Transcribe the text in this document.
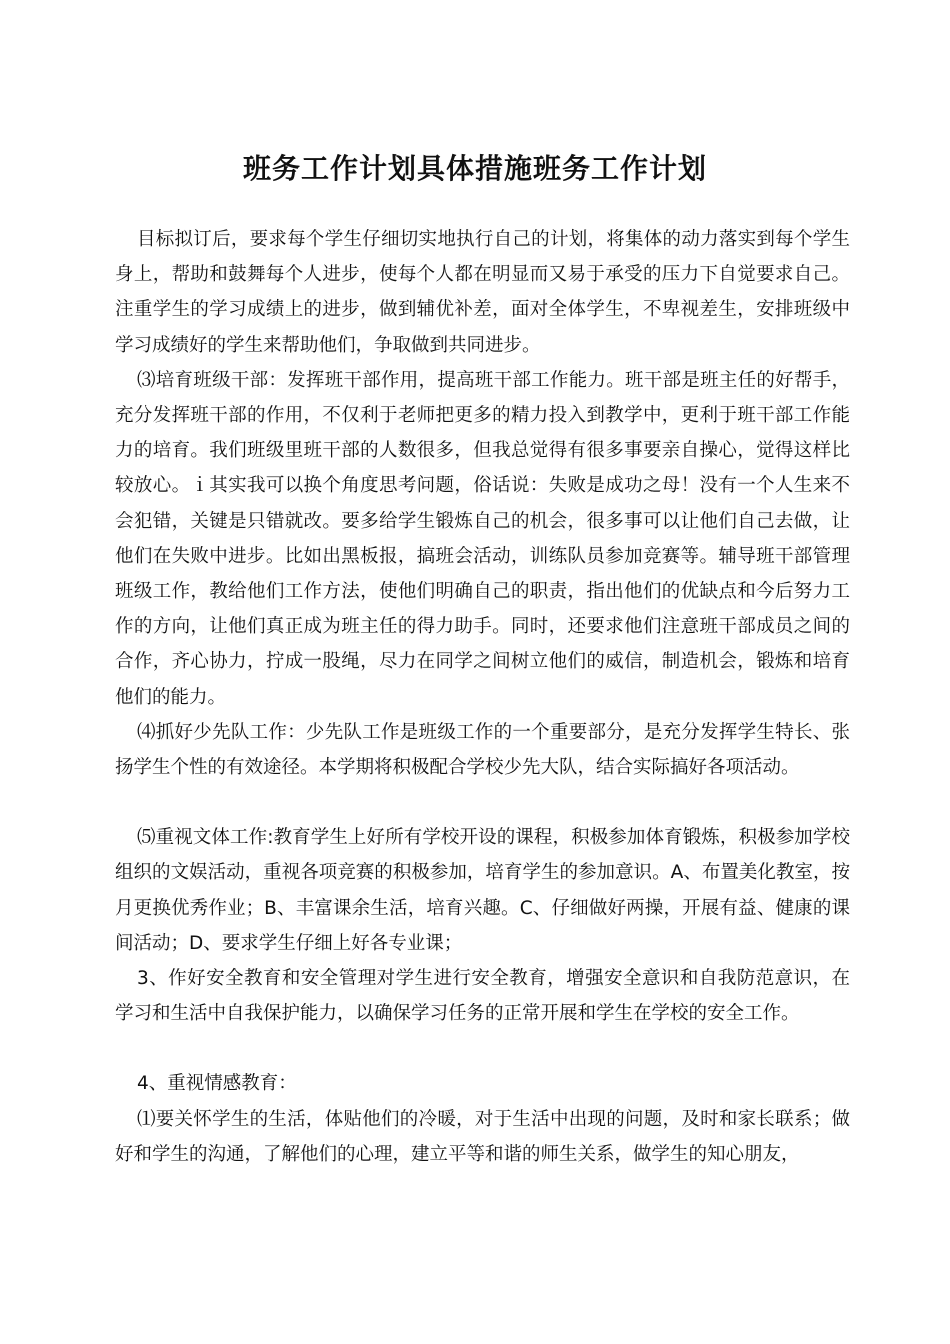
班务工作计划具体措施班务工作计划

目标拟订后，要求每个学生仔细切实地执行自己的计划，将集体的动力落实到每个学生身上，帮助和鼓舞每个人进步，使每个人都在明显而又易于承受的压力下自觉要求自己。注重学生的学习成绩上的进步，做到辅优补差，面对全体学生，不卑视差生，安排班级中学习成绩好的学生来帮助他们，争取做到共同进步。

⑶培育班级干部：发挥班干部作用，提高班干部工作能力。班干部是班主任的好帮手，充分发挥班干部的作用，不仅利于老师把更多的精力投入到教学中，更利于班干部工作能力的培育。我们班级里班干部的人数很多，但我总觉得有很多事要亲自操心，觉得这样比较放心。ｉ其实我可以换个角度思考问题，俗话说：失败是成功之母！没有一个人生来不会犯错，关键是只错就改。要多给学生锻炼自己的机会，很多事可以让他们自己去做，让他们在失败中进步。比如出黑板报，搞班会活动，训练队员参加竞赛等。辅导班干部管理班级工作，教给他们工作方法，使他们明确自己的职责，指出他们的优缺点和今后努力工作的方向，让他们真正成为班主任的得力助手。同时，还要求他们注意班干部成员之间的合作，齐心协力，拧成一股绳，尽力在同学之间树立他们的威信，制造机会，锻炼和培育他们的能力。

⑷抓好少先队工作：少先队工作是班级工作的一个重要部分，是充分发挥学生特长、张扬学生个性的有效途径。本学期将积极配合学校少先大队，结合实际搞好各项活动。

⑸重视文体工作:教育学生上好所有学校开设的课程，积极参加体育锻炼，积极参加学校组织的文娱活动，重视各项竞赛的积极参加，培育学生的参加意识。A、布置美化教室，按月更换优秀作业；B、丰富课余生活，培育兴趣。C、仔细做好两操，开展有益、健康的课间活动；D、要求学生仔细上好各专业课；

3、作好安全教育和安全管理对学生进行安全教育，增强安全意识和自我防范意识，在学习和生活中自我保护能力，以确保学习任务的正常开展和学生在学校的安全工作。

4、重视情感教育：

⑴要关怀学生的生活，体贴他们的冷暖，对于生活中出现的问题，及时和家长联系；做好和学生的沟通，了解他们的心理，建立平等和谐的师生关系，做学生的知心朋友，
